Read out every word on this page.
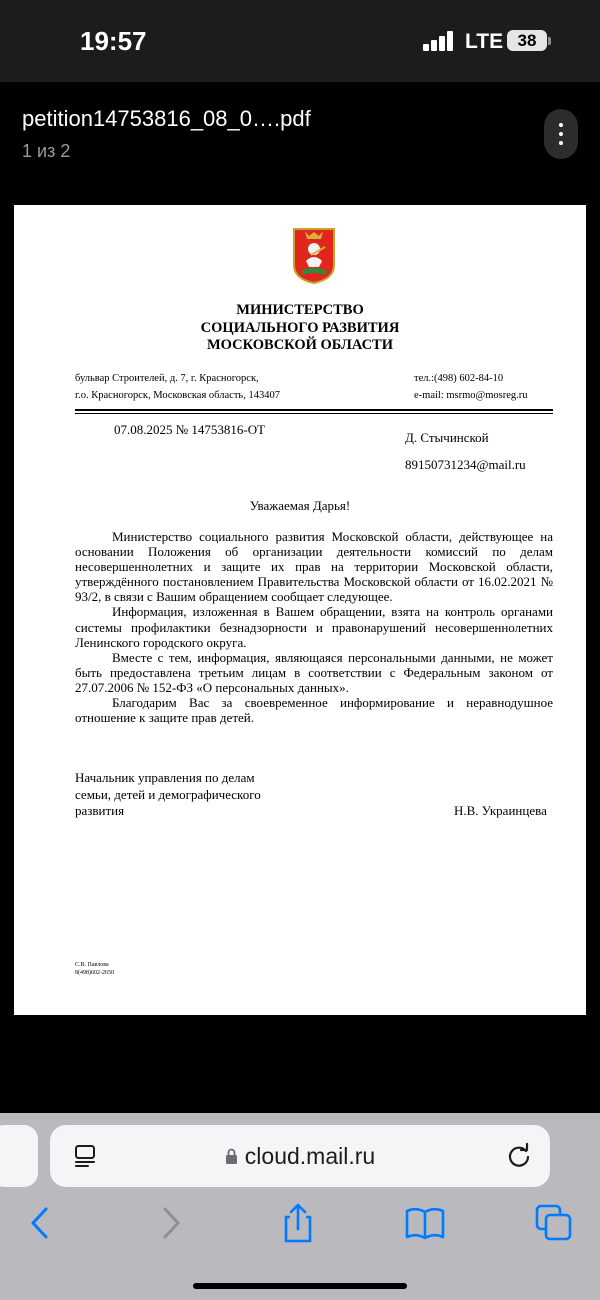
19:57	LTE 38
petition14753816_08_0….pdf
1 из 2
МИНИСТЕРСТВО
СОЦИАЛЬНОГО РАЗВИТИЯ
МОСКОВСКОЙ ОБЛАСТИ
бульвар Строителей, д. 7, г. Красногорск,
г.о. Красногорск, Московская область, 143407
тел.:(498) 602-84-10
e-mail: msrmo@mosreg.ru
07.08.2025 № 14753816-ОТ
Д. Стычинской
89150731234@mail.ru
Уважаемая Дарья!

Министерство социального развития Московской области, действующее на основании Положения об организации деятельности комиссий по делам несовершеннолетних и защите их прав на территории Московской области, утверждённого постановлением Правительства Московской области от 16.02.2021 № 93/2, в связи с Вашим обращением сообщает следующее.

Информация, изложенная в Вашем обращении, взята на контроль органами системы профилактики безнадзорности и правонарушений несовершеннолетних Ленинского городского округа.

Вместе с тем, информация, являющаяся персональными данными, не может быть предоставлена третьим лицам в соответствии с Федеральным законом от 27.07.2006 № 152-ФЗ «О персональных данных».

Благодарим Вас за своевременное информирование и неравнодушное отношение к защите прав детей.

Начальник управления по делам
семьи, детей и демографического
развития	Н.В. Украинцева
С.В. Павлова
8(498)602-2650
cloud.mail.ru
